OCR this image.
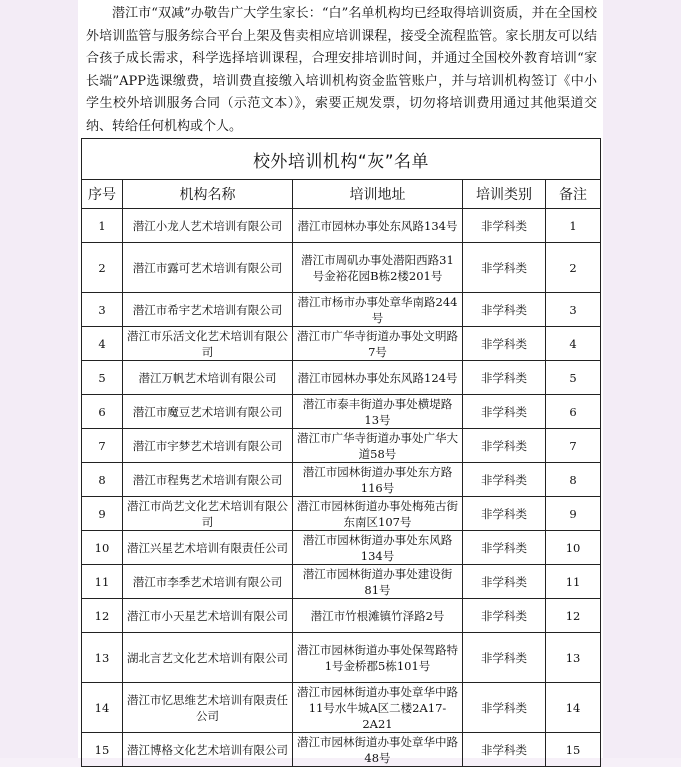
潜江市“双减”办敬告广大学生家长：“白”名单机构均已经取得培训资质，并在全国校外培训监管与服务综合平台上架及售卖相应培训课程，接受全流程监管。家长朋友可以结合孩子成长需求，科学选择培训课程，合理安排培训时间，并通过全国校外教育培训“家长端”APP选课缴费，培训费直接缴入培训机构资金监管账户，并与培训机构签订《中小学生校外培训服务合同（示范文本）》，索要正规发票，切勿将培训费用通过其他渠道交纳、转给任何机构或个人。

校外培训机构“灰”名单				
序号	机构名称	培训地址	培训类别	备注
1	潜江小龙人艺术培训有限公司	潜江市园林办事处东风路134号	非学科类	1
2	潜江市露可艺术培训有限公司	潜江市周矶办事处潜阳西路31号金裕花园B栋2楼201号	非学科类	2
3	潜江市希宇艺术培训有限公司	潜江市杨市办事处章华南路244号	非学科类	3
4	潜江市乐活文化艺术培训有限公司	潜江市广华寺街道办事处文明路7号	非学科类	4
5	潜江万帆艺术培训有限公司	潜江市园林办事处东风路124号	非学科类	5
6	潜江市魔豆艺术培训有限公司	潜江市泰丰街道办事处横堤路13号	非学科类	6
7	潜江市宇梦艺术培训有限公司	潜江市广华寺街道办事处广华大道58号	非学科类	7
8	潜江市程隽艺术培训有限公司	潜江市园林街道办事处东方路116号	非学科类	8
9	潜江市尚艺文化艺术培训有限公司	潜江市园林街道办事处梅苑古街东南区107号	非学科类	9
10	潜江兴星艺术培训有限责任公司	潜江市园林街道办事处东风路134号	非学科类	10
11	潜江市李季艺术培训有限公司	潜江市园林街道办事处建设街81号	非学科类	11
12	潜江市小天星艺术培训有限公司	潜江市竹根滩镇竹泽路2号	非学科类	12
13	湖北言艺文化艺术培训有限公司	潜江市园林街道办事处保驾路特1号金桥郡5栋101号	非学科类	13
14	潜江市忆思维艺术培训有限责任公司	潜江市园林街道办事处章华中路11号水牛城A区二楼2A17-2A21	非学科类	14
15	潜江博格文化艺术培训有限公司	潜江市园林街道办事处章华中路48号	非学科类	15
